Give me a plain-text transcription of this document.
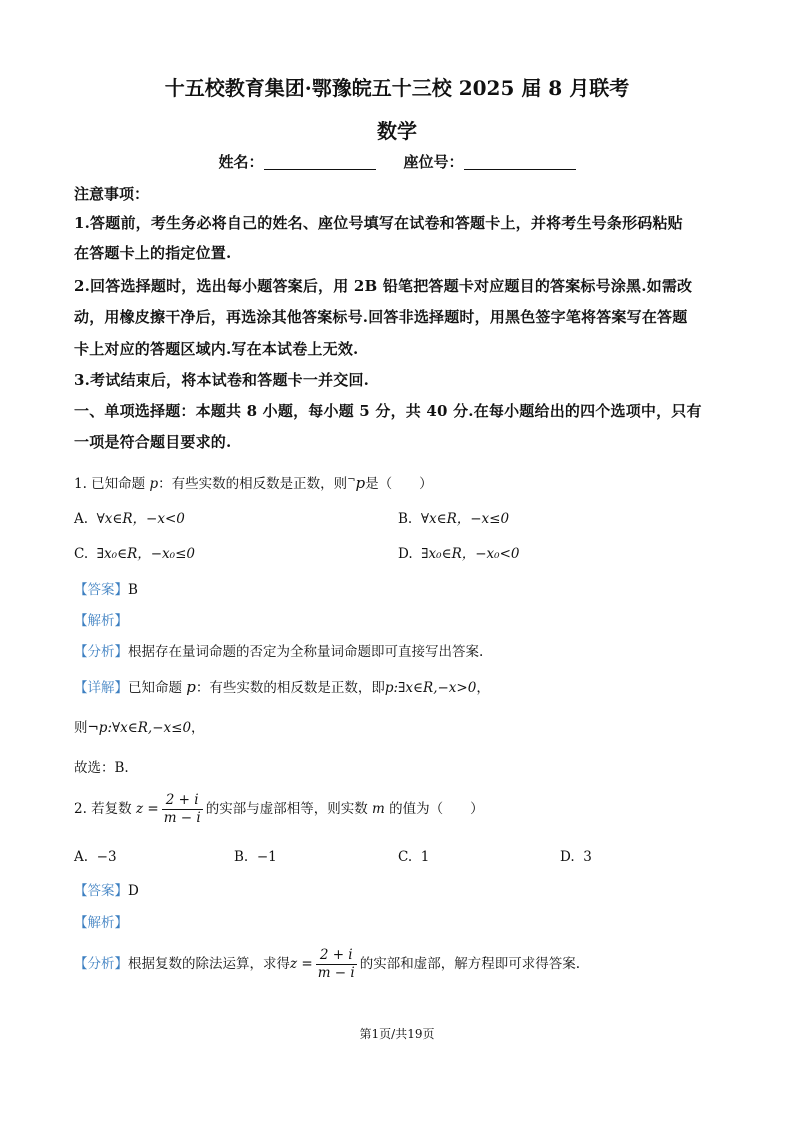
十五校教育集团·鄂豫皖五十三校 2025 届 8 月联考
数学
姓名：	座位号：
注意事项：
1.答题前，考生务必将自己的姓名、座位号填写在试卷和答题卡上，并将考生号条形码粘贴
在答题卡上的指定位置.
2.回答选择题时，选出每小题答案后，用 2B 铅笔把答题卡对应题目的答案标号涂黑.如需改
动，用橡皮擦干净后，再选涂其他答案标号.回答非选择题时，用黑色签字笔将答案写在答题
卡上对应的答题区域内.写在本试卷上无效.
3.考试结束后，将本试卷和答题卡一并交回.
一、单项选择题：本题共 8 小题，每小题 5 分，共 40 分.在每小题给出的四个选项中，只有
一项是符合题目要求的.
1. 已知命题 p：有些实数的相反数是正数，则¬p是（　　）
A. ∀x∈R，−x<0	B. ∀x∈R，−x≤0
C. ∃x₀∈R，−x₀≤0	D. ∃x₀∈R，−x₀<0
【答案】B
【解析】
【分析】根据存在量词命题的否定为全称量词命题即可直接写出答案.
【详解】已知命题 p：有些实数的相反数是正数，即p:∃x∈R,−x>0，
则¬p:∀x∈R,−x≤0，
故选：B.
2. 若复数 $z = \frac{2 + i}{m - i}$ 的实部与虚部相等，则实数 m 的值为（　　）
A. −3	B. −1	C. 1	D. 3
【答案】D
【解析】
【分析】根据复数的除法运算，求得$z = \frac{2 + i}{m - i}$ 的实部和虚部，解方程即可求得答案.
第1页/共19页
